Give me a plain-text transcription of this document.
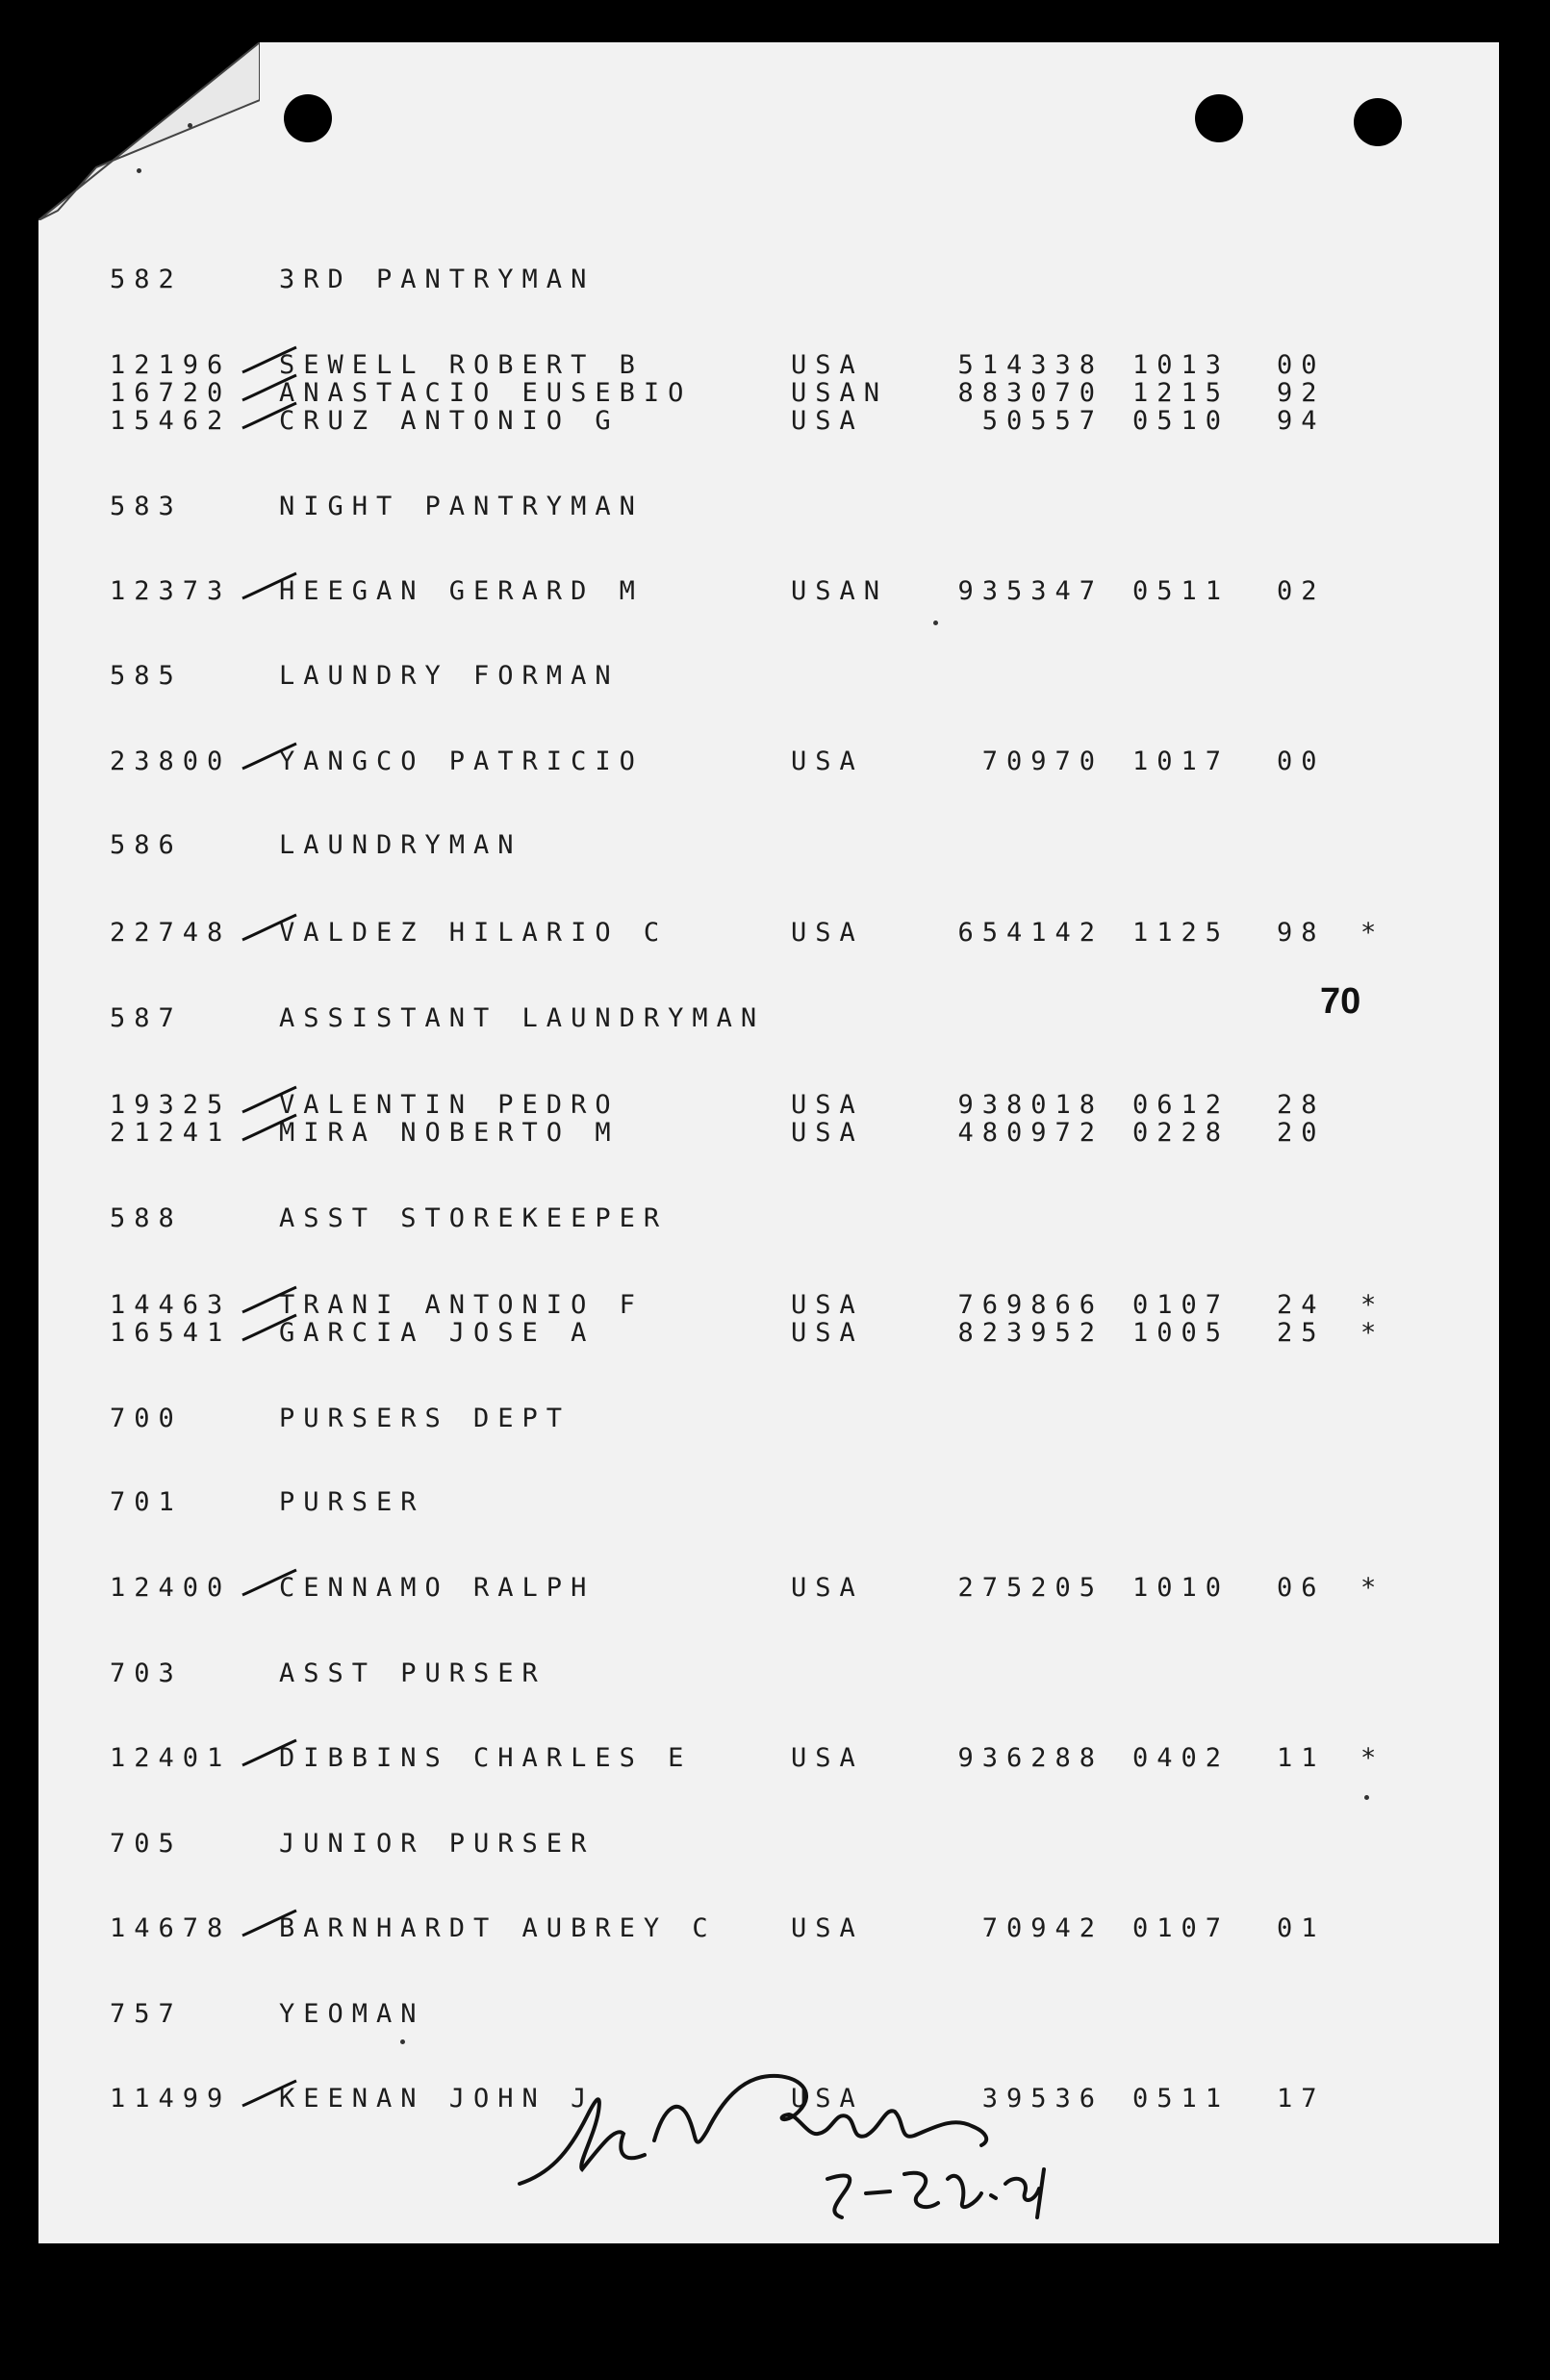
582	3RD PANTRYMAN
12196 SEWELL ROBERT B	USA	514338 1013 00
16720 ANASTACIO EUSEBIO	USAN	883070 1215 92
15462 CRUZ ANTONIO G	USA	50557 0510 94
583	NIGHT PANTRYMAN
12373 HEEGAN GERARD M	USAN	935347 0511 02
585	LAUNDRY FORMAN
23800 YANGCO PATRICIO	USA	70970 1017 00
586	LAUNDRYMAN
22748 VALDEZ HILARIO C	USA	654142 1125 98 *
587	ASSISTANT LAUNDRYMAN
19325 VALENTIN PEDRO	USA	938018 0612 28
21241 MIRA NOBERTO M	USA	480972 0228 20
588	ASST STOREKEEPER
14463 TRANI ANTONIO F	USA	769866 0107 24 *
16541 GARCIA JOSE A	USA	823952 1005 25 *
700	PURSERS DEPT
701	PURSER
12400 CENNAMO RALPH	USA	275205 1010 06 *
703	ASST PURSER
12401 DIBBINS CHARLES E	USA	936288 0402 11 *
705	JUNIOR PURSER
14678 BARNHARDT AUBREY C	USA	70942 0107 01
757	YEOMAN
11499 KEENAN JOHN J	USA	39536 0511 17
70
